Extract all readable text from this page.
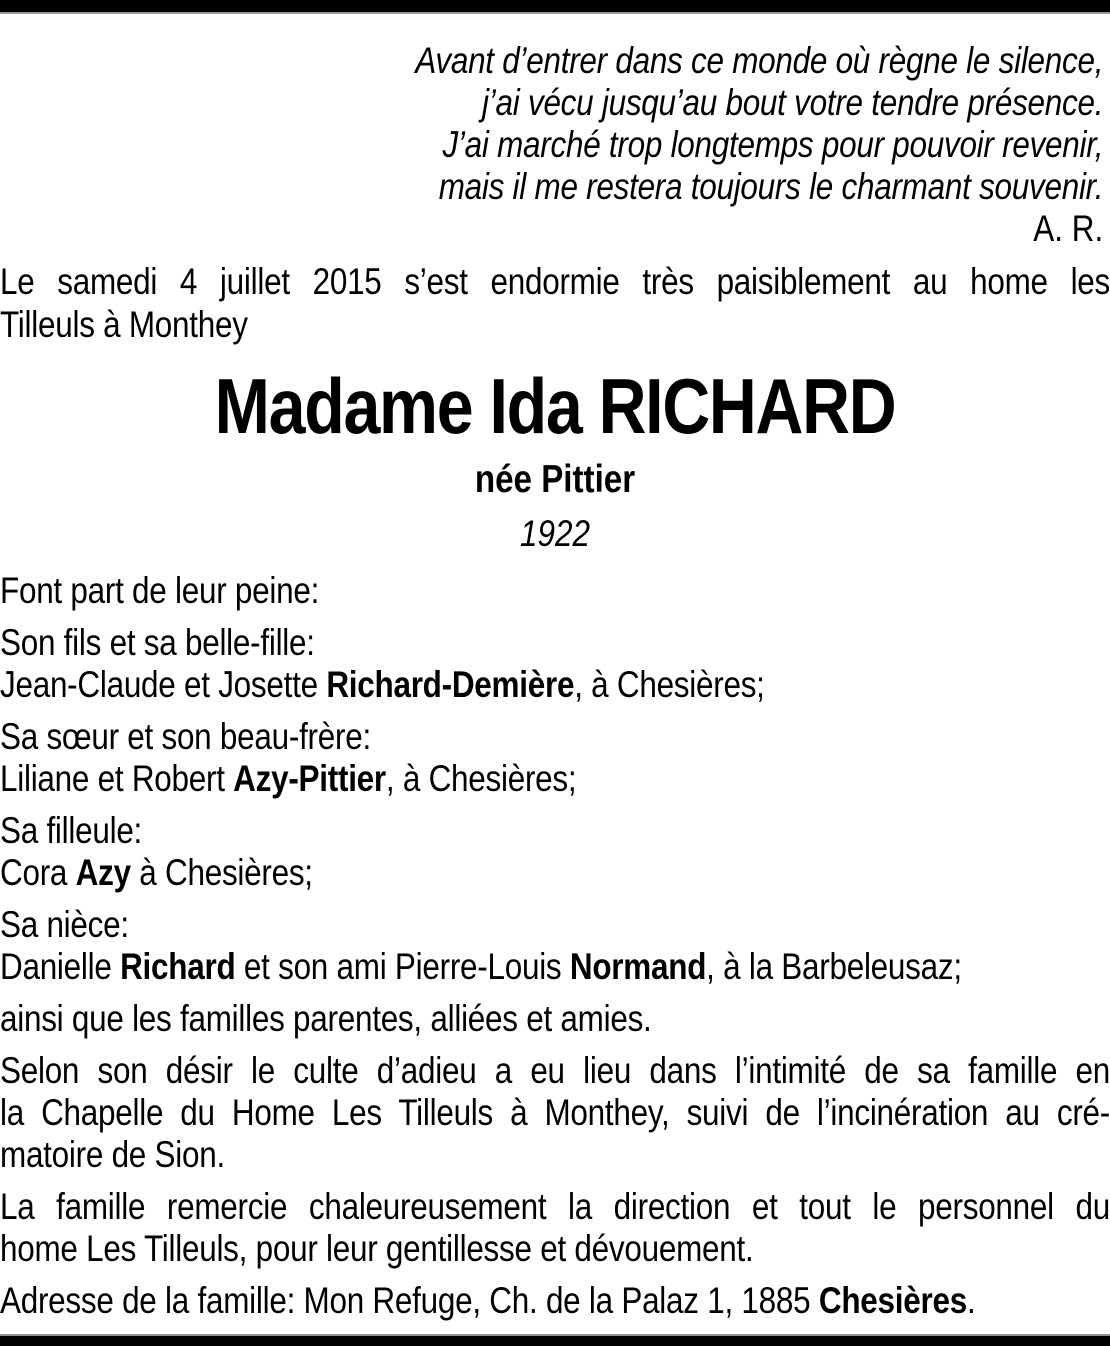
Avant d’entrer dans ce monde où règne le silence,
j’ai vécu jusqu’au bout votre tendre présence.
J’ai marché trop longtemps pour pouvoir revenir,
mais il me restera toujours le charmant souvenir.
A. R.
Le samedi 4 juillet 2015 s’est endormie très paisiblement au home les
Tilleuls à Monthey
Madame Ida RICHARD
née Pittier
1922
Font part de leur peine:
Son fils et sa belle-fille:
Jean-Claude et Josette Richard-Demière, à Chesières;
Sa sœur et son beau-frère:
Liliane et Robert Azy-Pittier, à Chesières;
Sa filleule:
Cora Azy à Chesières;
Sa nièce:
Danielle Richard et son ami Pierre-Louis Normand, à la Barbeleusaz;
ainsi que les familles parentes, alliées et amies.
Selon son désir le culte d’adieu a eu lieu dans l’intimité de sa famille en
la Chapelle du Home Les Tilleuls à Monthey, suivi de l’incinération au cré-
matoire de Sion.
La famille remercie chaleureusement la direction et tout le personnel du
home Les Tilleuls, pour leur gentillesse et dévouement.
Adresse de la famille: Mon Refuge, Ch. de la Palaz 1, 1885 Chesières.
